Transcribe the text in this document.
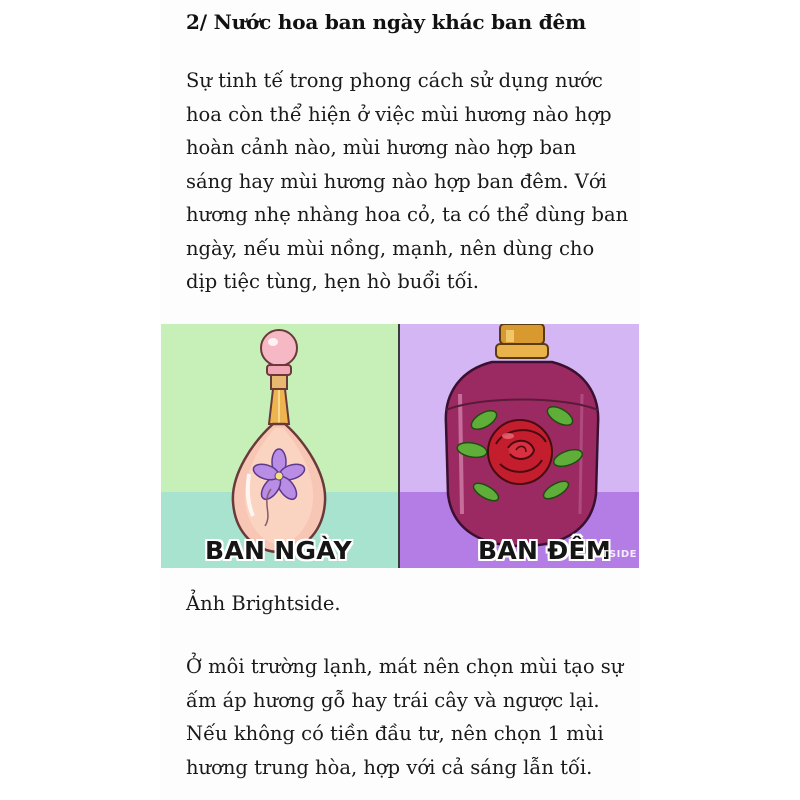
2/ Nước hoa ban ngày khác ban đêm

Sự tinh tế trong phong cách sử dụng nước
hoa còn thể hiện ở việc mùi hương nào hợp
hoàn cảnh nào, mùi hương nào hợp ban
sáng hay mùi hương nào hợp ban đêm. Với
hương nhẹ nhàng hoa cỏ, ta có thể dùng ban
ngày, nếu mùi nồng, mạnh, nên dùng cho
dịp tiệc tùng, hẹn hò buổi tối.

BAN NGÀY	BAN ĐÊM
TSIDE

Ảnh Brightside.

Ở môi trường lạnh, mát nên chọn mùi tạo sự
ấm áp hương gỗ hay trái cây và ngược lại.
Nếu không có tiền đầu tư, nên chọn 1 mùi
hương trung hòa, hợp với cả sáng lẫn tối.
